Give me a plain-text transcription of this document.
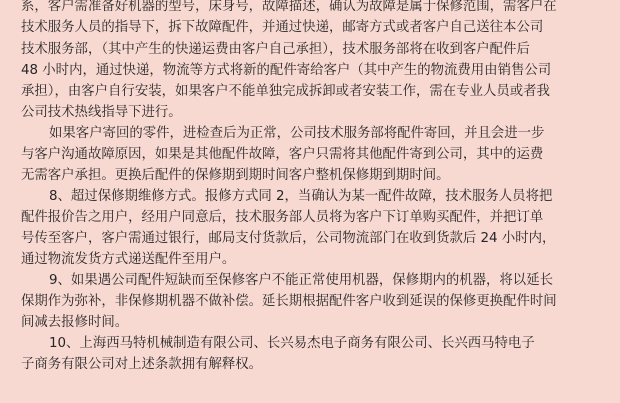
系，客户需准备好机器的型号，床身号，故障描述，确认为故障是属于保修范围，需客户在
技术服务人员的指导下，拆下故障配件，并通过快递，邮寄方式或者客户自己送往本公司
技术服务部，（其中产生的快递运费由客户自己承担），技术服务部将在收到客户配件后
48 小时内，通过快递，物流等方式将新的配件寄给客户（其中产生的物流费用由销售公司
承担），由客户自行安装，如果客户不能单独完成拆卸或者安装工作，需在专业人员或者我
公司技术热线指导下进行。
如果客户寄回的零件，进检查后为正常，公司技术服务部将配件寄回，并且会进一步
与客户沟通故障原因，如果是其他配件故障，客户只需将其他配件寄到公司，其中的运费
无需客户承担。更换后配件的保修期到期时间客户整机保修期到期时间。
8、超过保修期维修方式。报修方式同 2，当确认为某一配件故障，技术服务人员将把
配件报价告之用户，经用户同意后，技术服务部人员将为客户下订单购买配件，并把订单
号传至客户，客户需通过银行，邮局支付货款后，公司物流部门在收到货款后 24 小时内，
通过物流发货方式递送配件至用户。
9、如果遇公司配件短缺而至保修客户不能正常使用机器，保修期内的机器，将以延长
保期作为弥补，非保修期机器不做补偿。延长期根据配件客户收到延误的保修更换配件时间
间减去报修时间。
10、上海西马特机械制造有限公司、长兴易杰电子商务有限公司、长兴西马特电子
子商务有限公司对上述条款拥有解释权。
